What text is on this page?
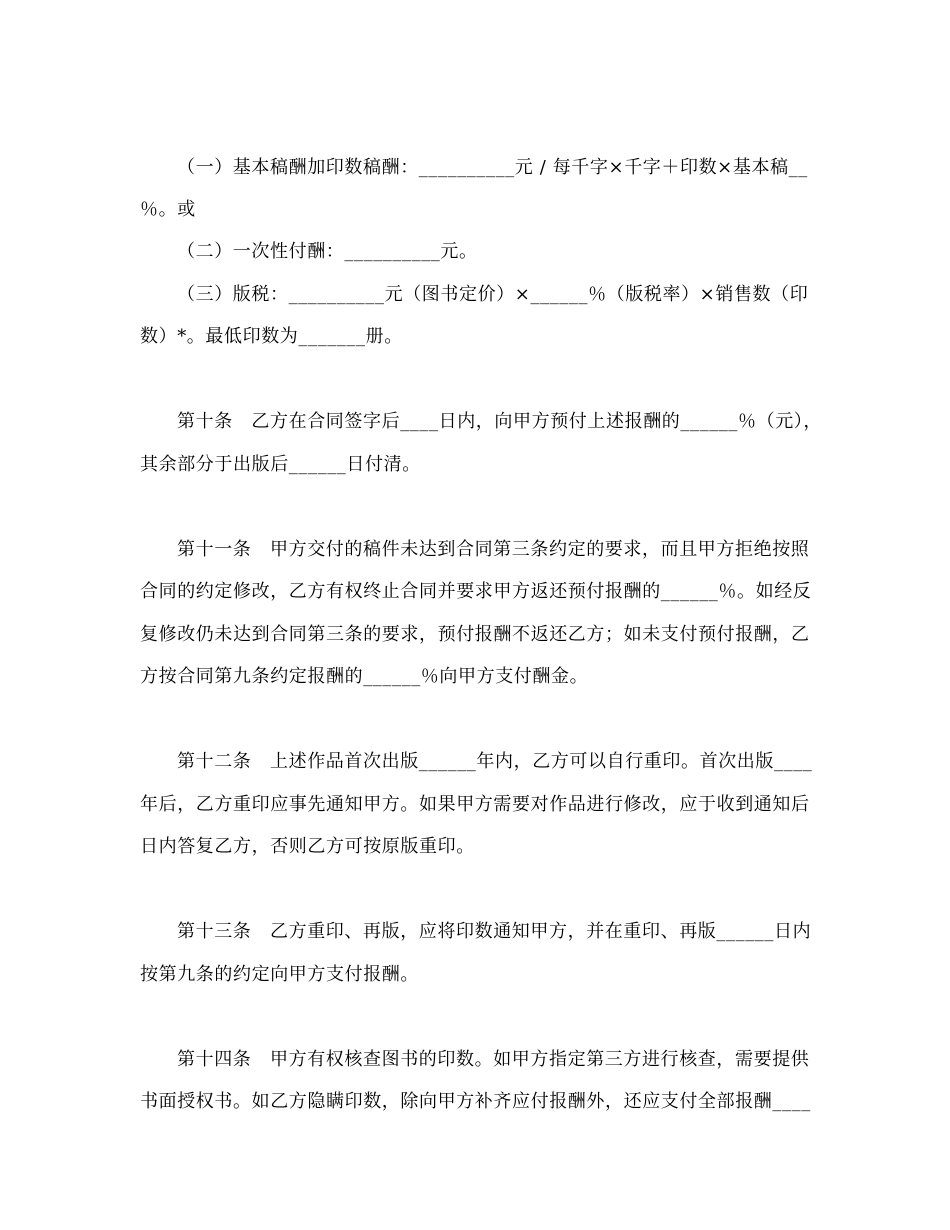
（一）基本稿酬加印数稿酬：__________元 / 每千字×千字＋印数×基本稿__
％。或
（二）一次性付酬：__________元。
（三）版税：__________元（图书定价）×______％（版税率）×销售数（印
数）*。最低印数为_______册。
第十条　乙方在合同签字后____日内，向甲方预付上述报酬的______％（元），
其余部分于出版后______日付清。
第十一条　甲方交付的稿件未达到合同第三条约定的要求，而且甲方拒绝按照
合同的约定修改，乙方有权终止合同并要求甲方返还预付报酬的______％。如经反
复修改仍未达到合同第三条的要求，预付报酬不返还乙方；如未支付预付报酬，乙
方按合同第九条约定报酬的______％向甲方支付酬金。
第十二条　上述作品首次出版______年内，乙方可以自行重印。首次出版____
年后，乙方重印应事先通知甲方。如果甲方需要对作品进行修改，应于收到通知后
日内答复乙方，否则乙方可按原版重印。
第十三条　乙方重印、再版，应将印数通知甲方，并在重印、再版______日内
按第九条的约定向甲方支付报酬。
第十四条　甲方有权核查图书的印数。如甲方指定第三方进行核查，需要提供
书面授权书。如乙方隐瞒印数，除向甲方补齐应付报酬外，还应支付全部报酬____
